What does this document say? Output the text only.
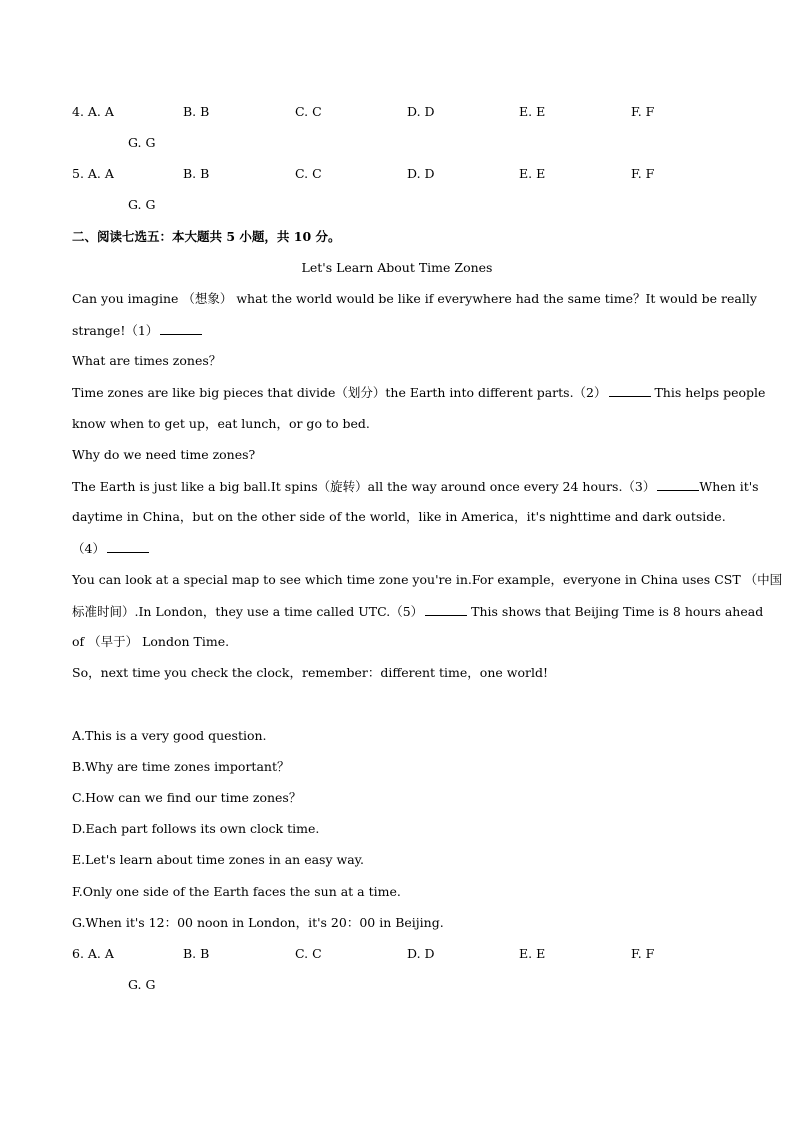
4. A. A	B. B	C. C	D. D	E. E	F. F
G. G
5. A. A	B. B	C. C	D. D	E. E	F. F
G. G
二、阅读七选五：本大题共 5 小题，共 10 分。
Let's Learn About Time Zones
Can you imagine （想象） what the world would be like if everywhere had the same time？It would be really
strange!（1）
What are times zones？
Time zones are like big pieces that divide（划分）the Earth into different parts.（2）	This helps people
know when to get up，eat lunch，or go to bed.
Why do we need time zones?
The Earth is just like a big ball.It spins（旋转）all the way around once every 24 hours.（3）	When it's
daytime in China，but on the other side of the world，like in America，it's nighttime and dark outside.
（4）
You can look at a special map to see which time zone you're in.For example，everyone in China uses CST （中国
标准时间）.In London，they use a time called UTC.（5）	This shows that Beijing Time is 8 hours ahead
of （早于） London Time.
So，next time you check the clock，remember：different time，one world!
A.This is a very good question.
B.Why are time zones important？
C.How can we find our time zones？
D.Each part follows its own clock time.
E.Let's learn about time zones in an easy way.
F.Only one side of the Earth faces the sun at a time.
G.When it's 12：00 noon in London，it's 20：00 in Beijing.
6. A. A	B. B	C. C	D. D	E. E	F. F
G. G
